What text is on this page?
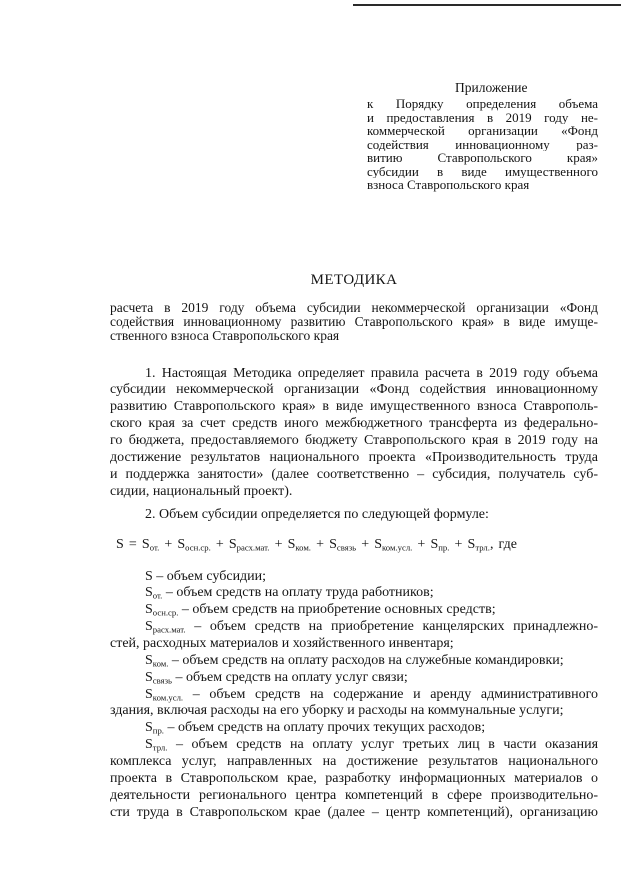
Приложение
к Порядку определения объема
и предоставления в 2019 году не-
коммерческой организации «Фонд
содействия инновационному раз-
витию Ставропольского края»
субсидии в виде имущественного
взноса Ставропольского края
МЕТОДИКА
расчета в 2019 году объема субсидии некоммерческой организации «Фонд
содействия инновационному развитию Ставропольского края» в виде имуще-
ственного взноса Ставропольского края
1. Настоящая Методика определяет правила расчета в 2019 году объема
субсидии некоммерческой организации «Фонд содействия инновационному
развитию Ставропольского края» в виде имущественного взноса Ставрополь-
ского края за счет средств иного межбюджетного трансферта из федерально-
го бюджета, предоставляемого бюджету Ставропольского края в 2019 году на
достижение результатов национального проекта «Производительность труда
и поддержка занятости» (далее соответственно – субсидия, получатель суб-
сидии, национальный проект).
2. Объем субсидии определяется по следующей формуле:
$S = S_{от.} + S_{осн.ср.} + S_{расх.мат.} + S_{ком.} + S_{связь} + S_{ком.усл.} + S_{пр.} + S_{трл.}$, где
S – объем субсидии;
$S_{от.}$ – объем средств на оплату труда работников;
$S_{осн.ср.}$ – объем средств на приобретение основных средств;
$S_{расх.мат.}$ – объем средств на приобретение канцелярских принадлежно-
стей, расходных материалов и хозяйственного инвентаря;
$S_{ком.}$ – объем средств на оплату расходов на служебные командировки;
$S_{связь}$ – объем средств на оплату услуг связи;
$S_{ком.усл.}$ – объем средств на содержание и аренду административного
здания, включая расходы на его уборку и расходы на коммунальные услуги;
$S_{пр.}$ – объем средств на оплату прочих текущих расходов;
$S_{трл.}$ – объем средств на оплату услуг третьих лиц в части оказания
комплекса услуг, направленных на достижение результатов национального
проекта в Ставропольском крае, разработку информационных материалов о
деятельности регионального центра компетенций в сфере производительно-
сти труда в Ставропольском крае (далее – центр компетенций), организацию
